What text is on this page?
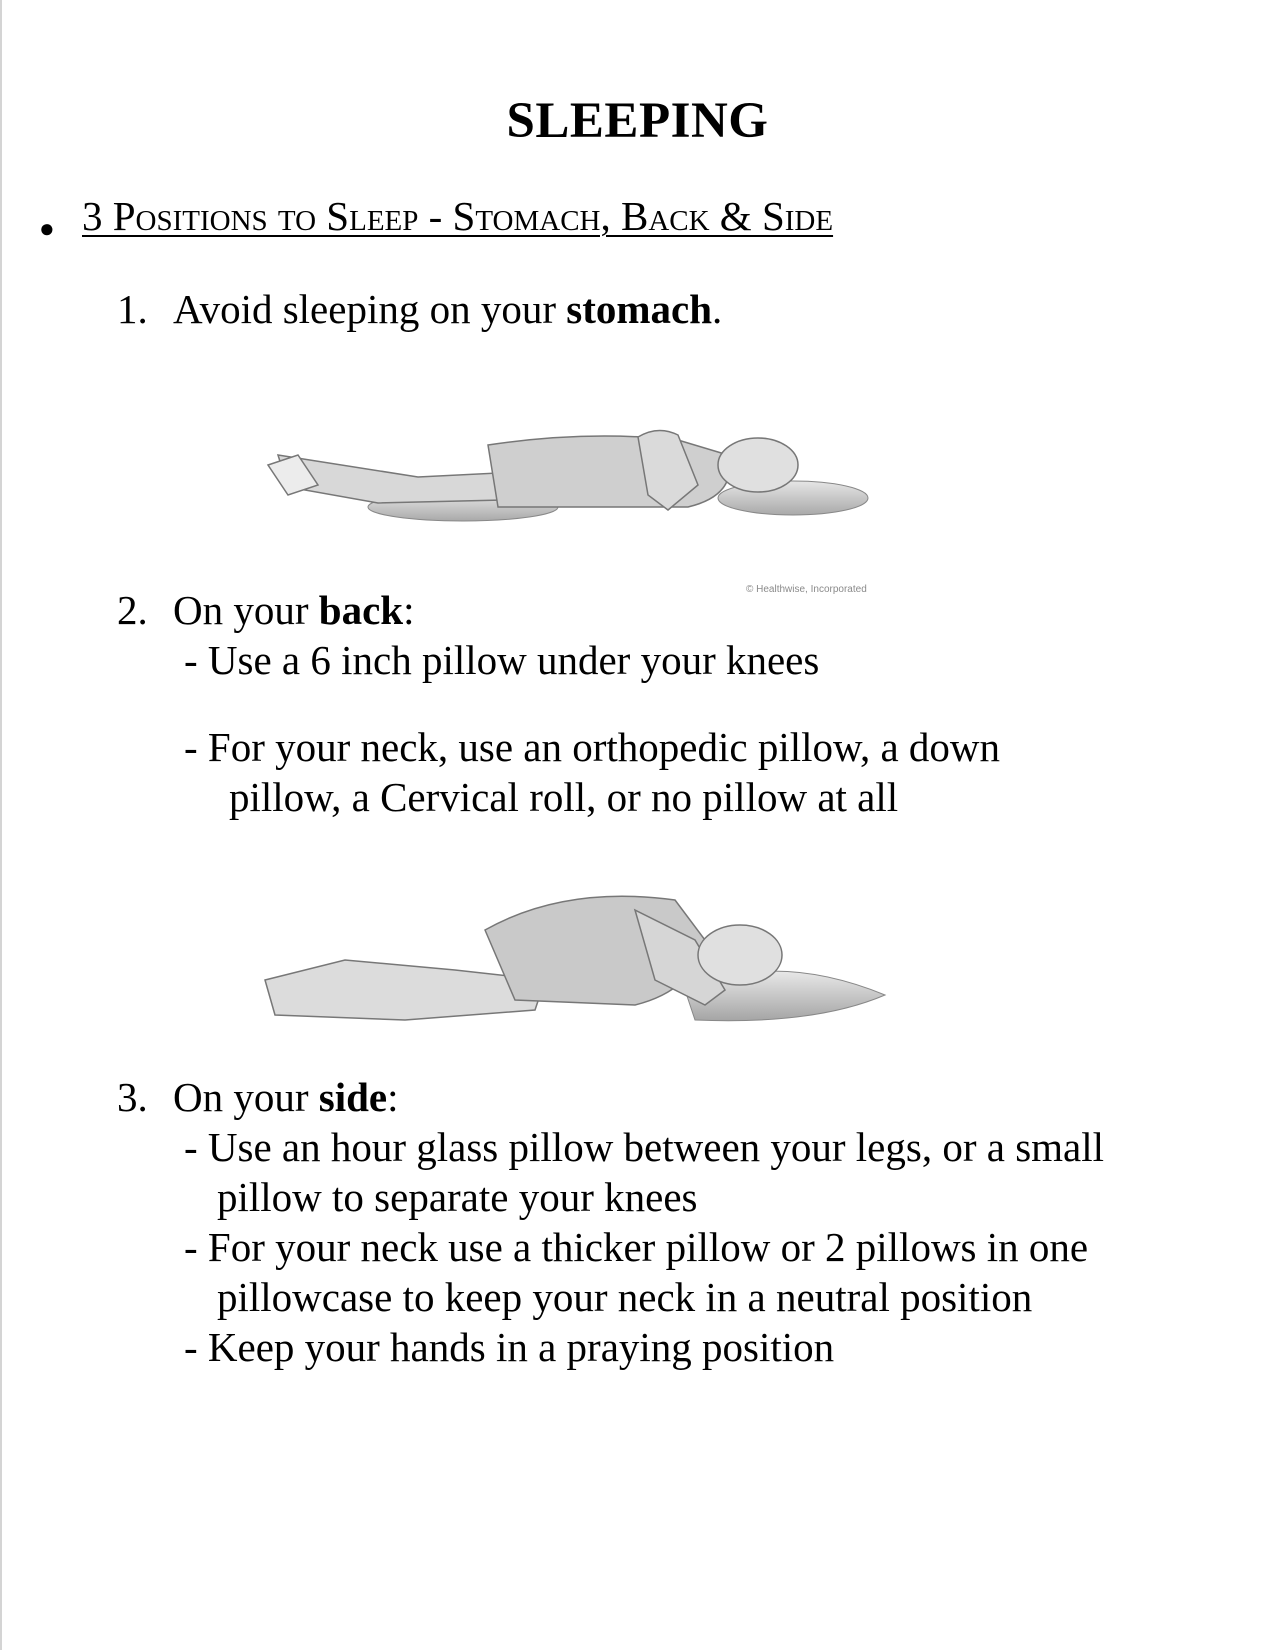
SLEEPING
● 3 Positions to Sleep - Stomach, Back & Side
1. Avoid sleeping on your stomach.
© Healthwise, Incorporated
2. On your back:
- Use a 6 inch pillow under your knees
- For your neck, use an orthopedic pillow, a down
pillow, a Cervical roll, or no pillow at all
3. On your side:
- Use an hour glass pillow between your legs, or a small
pillow to separate your knees
- For your neck use a thicker pillow or 2 pillows in one
pillowcase to keep your neck in a neutral position
- Keep your hands in a praying position
